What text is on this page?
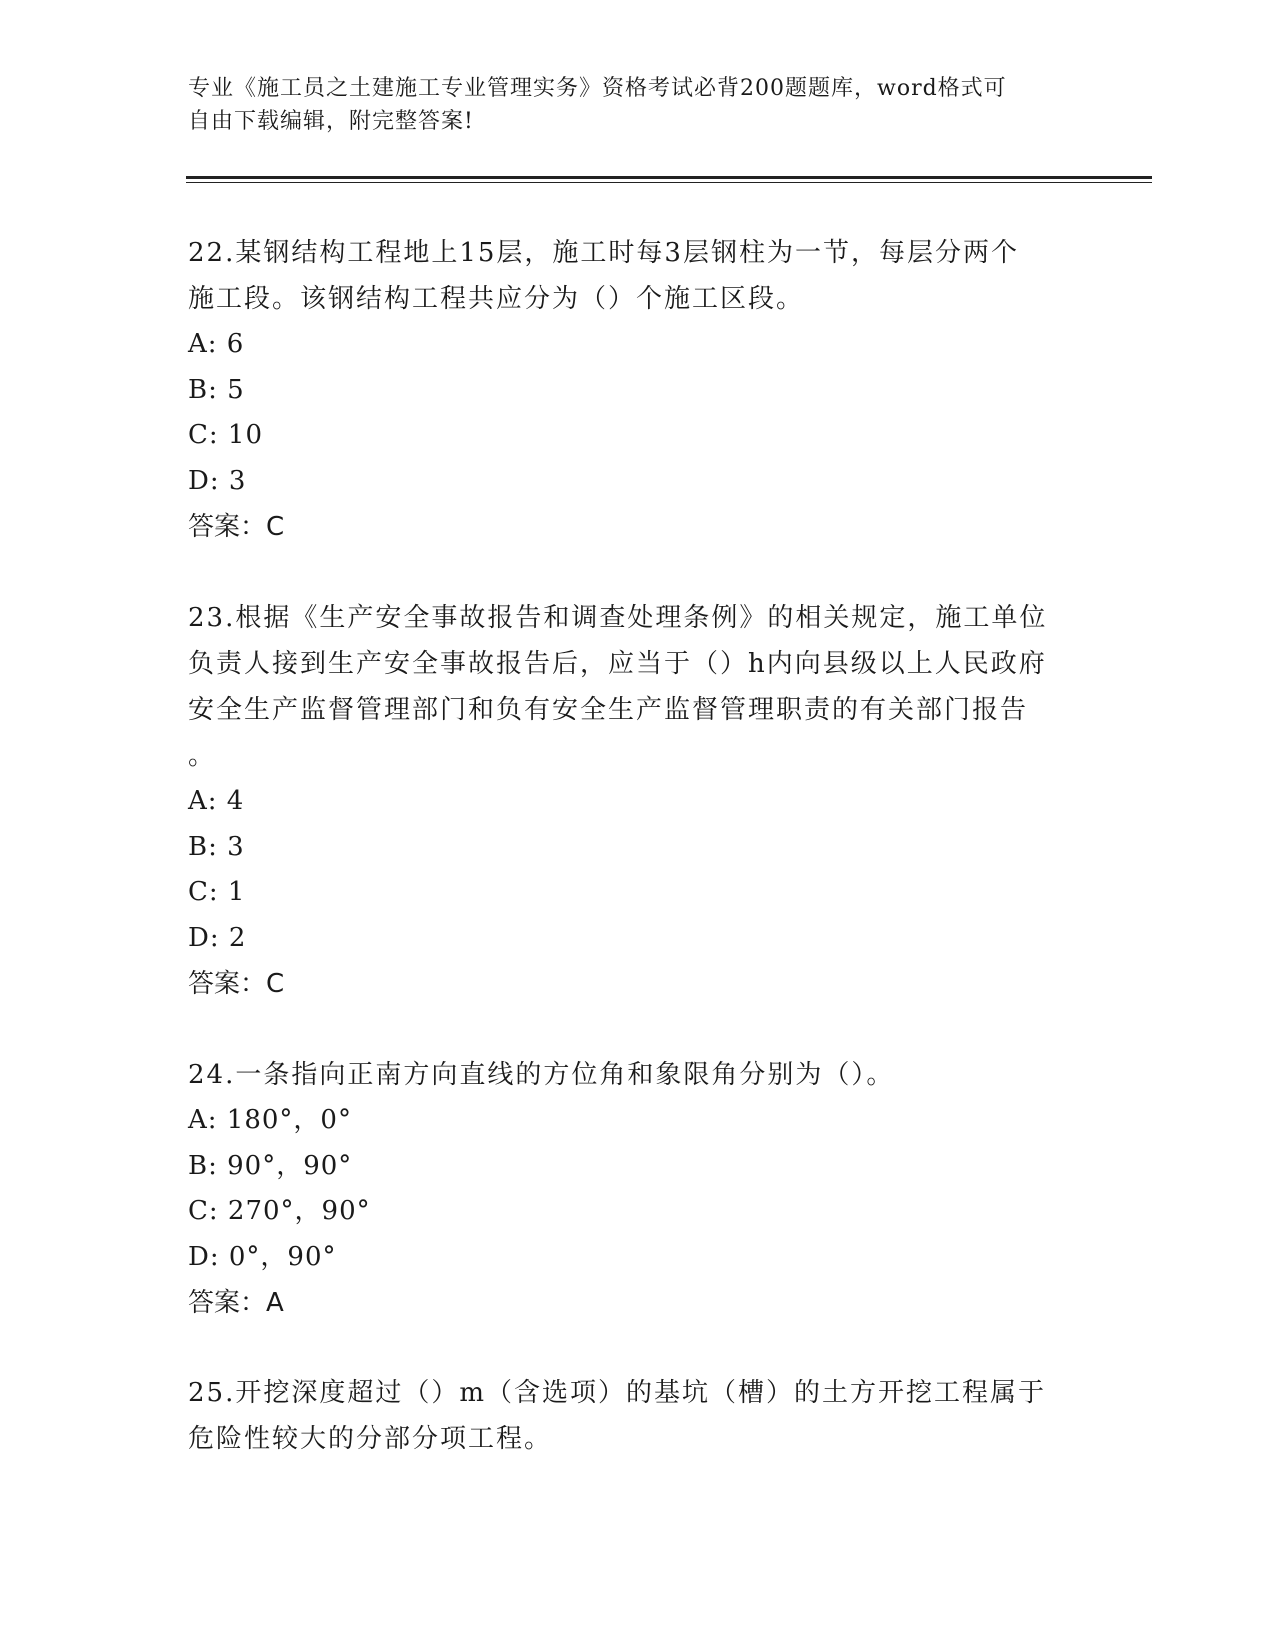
专业《施工员之土建施工专业管理实务》资格考试必背200题题库，word格式可
自由下载编辑，附完整答案!
22.某钢结构工程地上15层，施工时每3层钢柱为一节，每层分两个
施工段。该钢结构工程共应分为（）个施工区段。
A: 6
B: 5
C: 10
D: 3
答案：C
23.根据《生产安全事故报告和调查处理条例》的相关规定，施工单位
负责人接到生产安全事故报告后，应当于（）h内向县级以上人民政府
安全生产监督管理部门和负有安全生产监督管理职责的有关部门报告
。
A: 4
B: 3
C: 1
D: 2
答案：C
24.一条指向正南方向直线的方位角和象限角分别为（）。
A: 180°，0°
B: 90°，90°
C: 270°，90°
D: 0°，90°
答案：A
25.开挖深度超过（）m（含选项）的基坑（槽）的土方开挖工程属于
危险性较大的分部分项工程。
